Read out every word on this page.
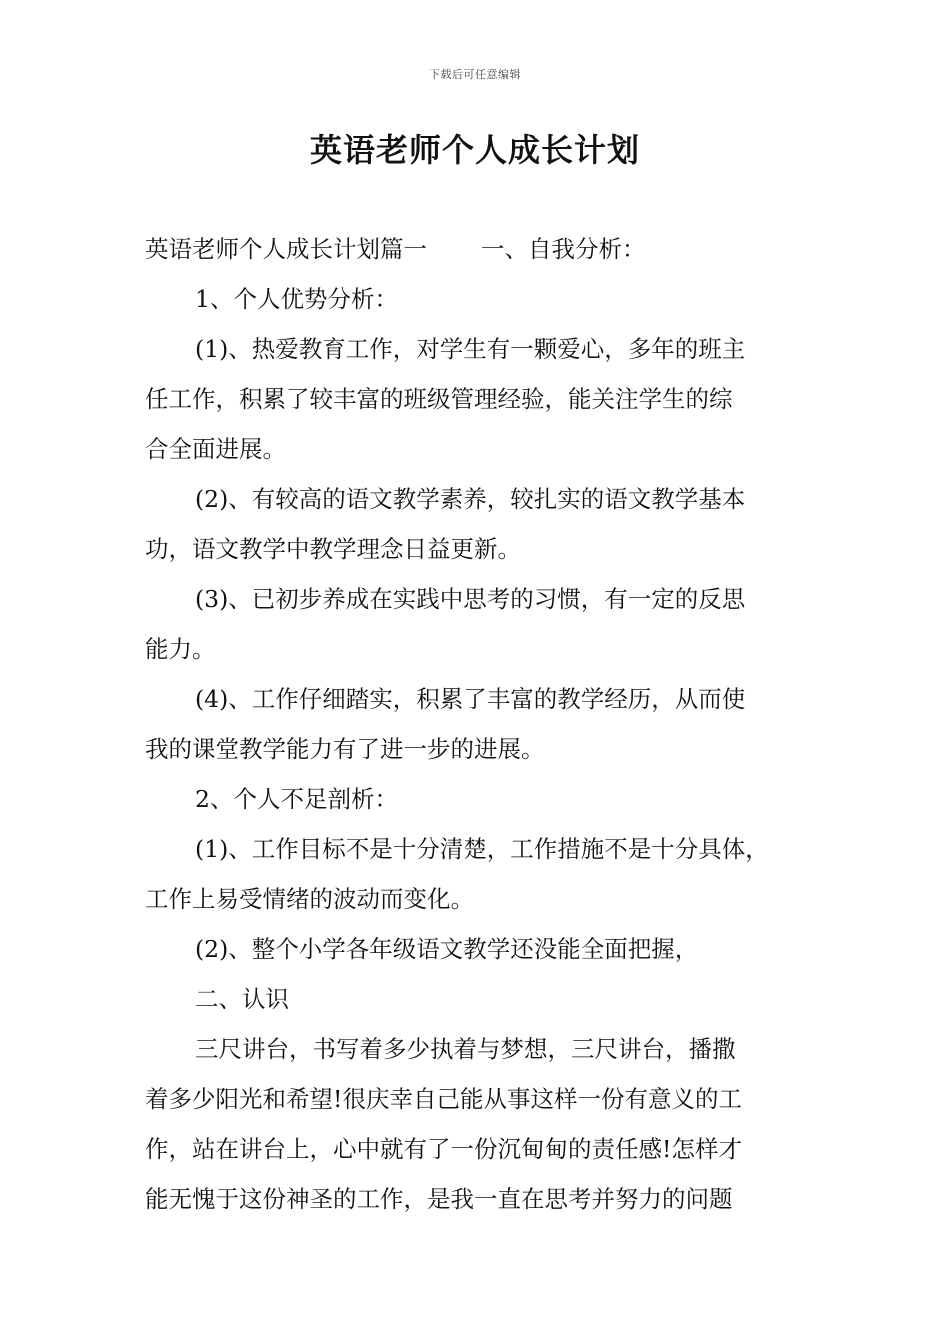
下载后可任意编辑
英语老师个人成长计划

英语老师个人成长计划篇一 一、自我分析：

1、个人优势分析：

(1)、热爱教育工作，对学生有一颗爱心，多年的班主

任工作，积累了较丰富的班级管理经验，能关注学生的综

合全面进展。

(2)、有较高的语文教学素养，较扎实的语文教学基本

功，语文教学中教学理念日益更新。

(3)、已初步养成在实践中思考的习惯，有一定的反思

能力。

(4)、工作仔细踏实，积累了丰富的教学经历，从而使

我的课堂教学能力有了进一步的进展。

2、个人不足剖析：

(1)、工作目标不是十分清楚，工作措施不是十分具体，

工作上易受情绪的波动而变化。

(2)、整个小学各年级语文教学还没能全面把握，

二、认识

三尺讲台，书写着多少执着与梦想，三尺讲台，播撒

着多少阳光和希望!很庆幸自己能从事这样一份有意义的工

作，站在讲台上，心中就有了一份沉甸甸的责任感!怎样才

能无愧于这份神圣的工作，是我一直在思考并努力的问题
